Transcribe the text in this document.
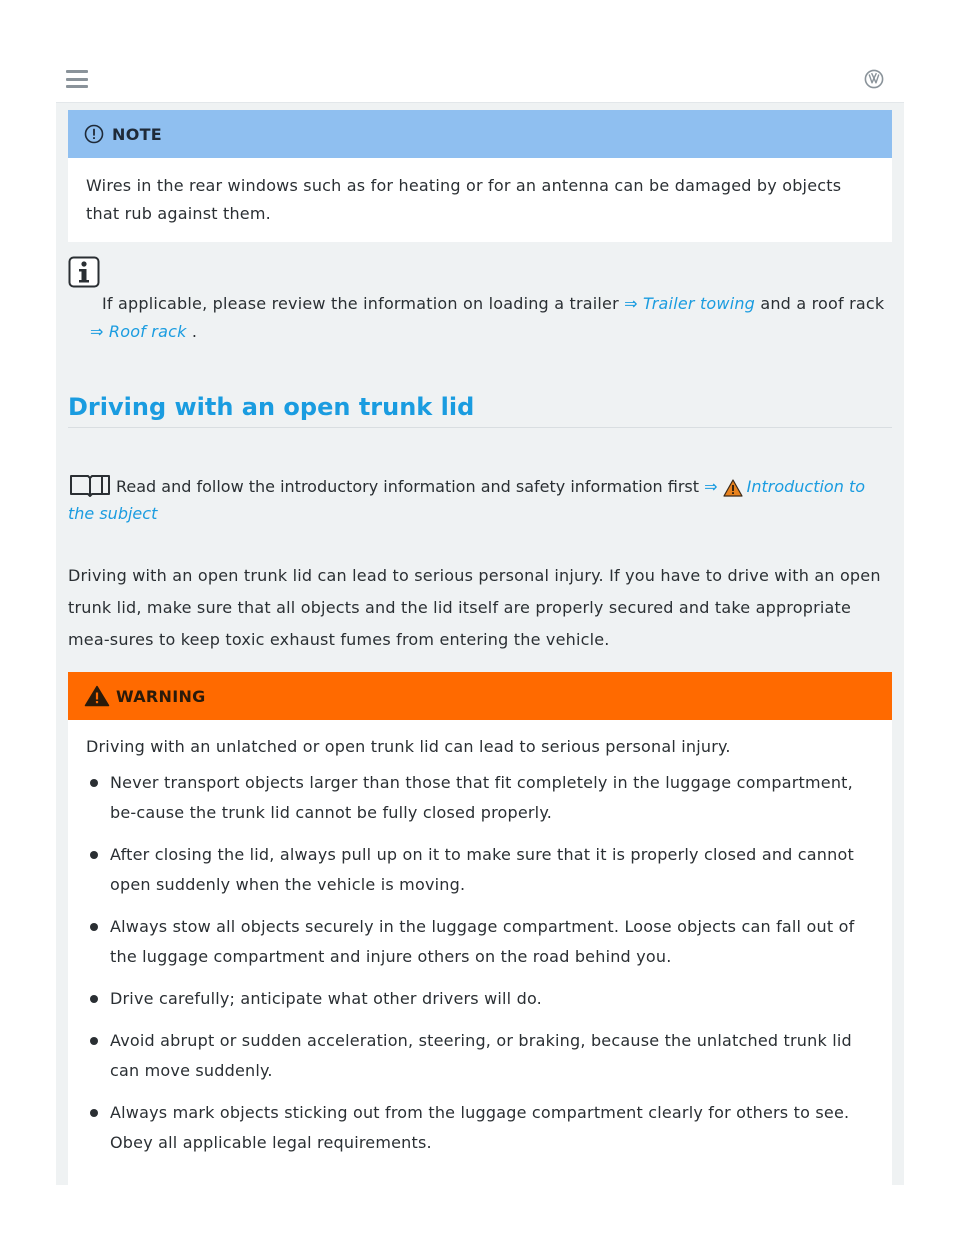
NOTE
Wires in the rear windows such as for heating or for an antenna can be damaged by objects that rub against them.
If applicable, please review the information on loading a trailer ⇒ Trailer towing and a roof rack
⇒ Roof rack .
Driving with an open trunk lid
Read and follow the introductory information and safety information first ⇒ Introduction to the subject
Driving with an open trunk lid can lead to serious personal injury. If you have to drive with an open trunk lid, make sure that all objects and the lid itself are properly secured and take appropriate mea-sures to keep toxic exhaust fumes from entering the vehicle.
WARNING
Driving with an unlatched or open trunk lid can lead to serious personal injury.
Never transport objects larger than those that fit completely in the luggage compartment, be-cause the trunk lid cannot be fully closed properly.
After closing the lid, always pull up on it to make sure that it is properly closed and cannot open suddenly when the vehicle is moving.
Always stow all objects securely in the luggage compartment. Loose objects can fall out of the luggage compartment and injure others on the road behind you.
Drive carefully; anticipate what other drivers will do.
Avoid abrupt or sudden acceleration, steering, or braking, because the unlatched trunk lid can move suddenly.
Always mark objects sticking out from the luggage compartment clearly for others to see. Obey all applicable legal requirements.
